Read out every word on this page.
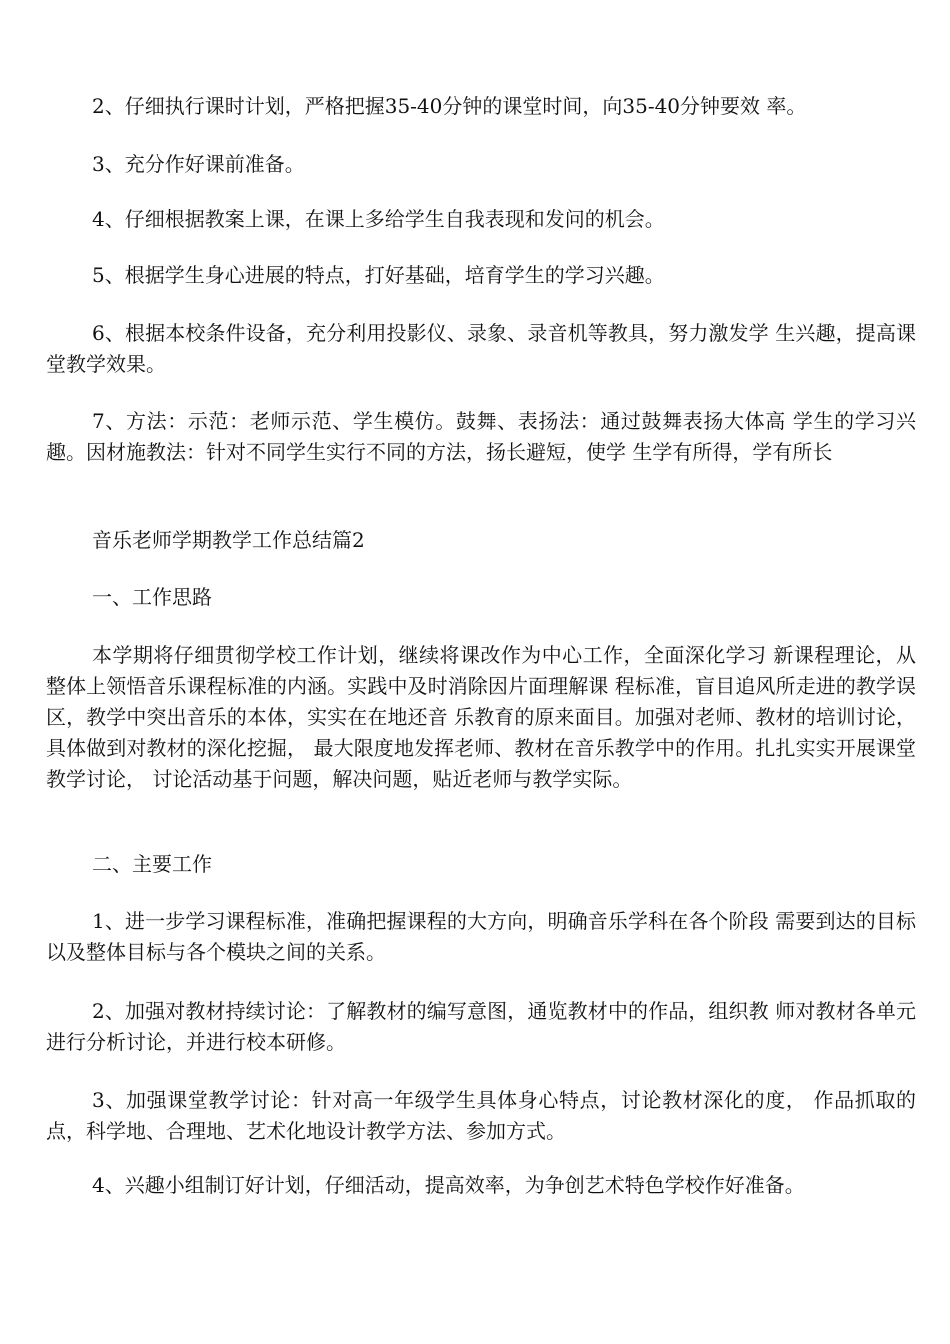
2、仔细执行课时计划，严格把握35-40分钟的课堂时间，向35-40分钟要效 率。

3、充分作好课前准备。

4、仔细根据教案上课，在课上多给学生自我表现和发问的机会。

5、根据学生身心进展的特点，打好基础，培育学生的学习兴趣。

6、根据本校条件设备，充分利用投影仪、录象、录音机等教具，努力激发学 生兴趣，提高课堂教学效果。

7、方法：示范：老师示范、学生模仿。鼓舞、表扬法：通过鼓舞表扬大体高 学生的学习兴趣。因材施教法：针对不同学生实行不同的方法，扬长避短，使学 生学有所得，学有所长

音乐老师学期教学工作总结篇2

一、工作思路

本学期将仔细贯彻学校工作计划，继续将课改作为中心工作，全面深化学习 新课程理论，从整体上领悟音乐课程标准的内涵。实践中及时消除因片面理解课 程标准，盲目追风所走进的教学误区，教学中突出音乐的本体，实实在在地还音 乐教育的原来面目。加强对老师、教材的培训讨论，具体做到对教材的深化挖掘， 最大限度地发挥老师、教材在音乐教学中的作用。扎扎实实开展课堂教学讨论， 讨论活动基于问题，解决问题，贴近老师与教学实际。

二、主要工作

1、进一步学习课程标准，准确把握课程的大方向，明确音乐学科在各个阶段 需要到达的目标以及整体目标与各个模块之间的关系。

2、加强对教材持续讨论：了解教材的编写意图，通览教材中的作品，组织教 师对教材各单元进行分析讨论，并进行校本研修。

3、加强课堂教学讨论：针对高一年级学生具体身心特点，讨论教材深化的度， 作品抓取的点，科学地、合理地、艺术化地设计教学方法、参加方式。

4、兴趣小组制订好计划，仔细活动，提高效率，为争创艺术特色学校作好准备。
